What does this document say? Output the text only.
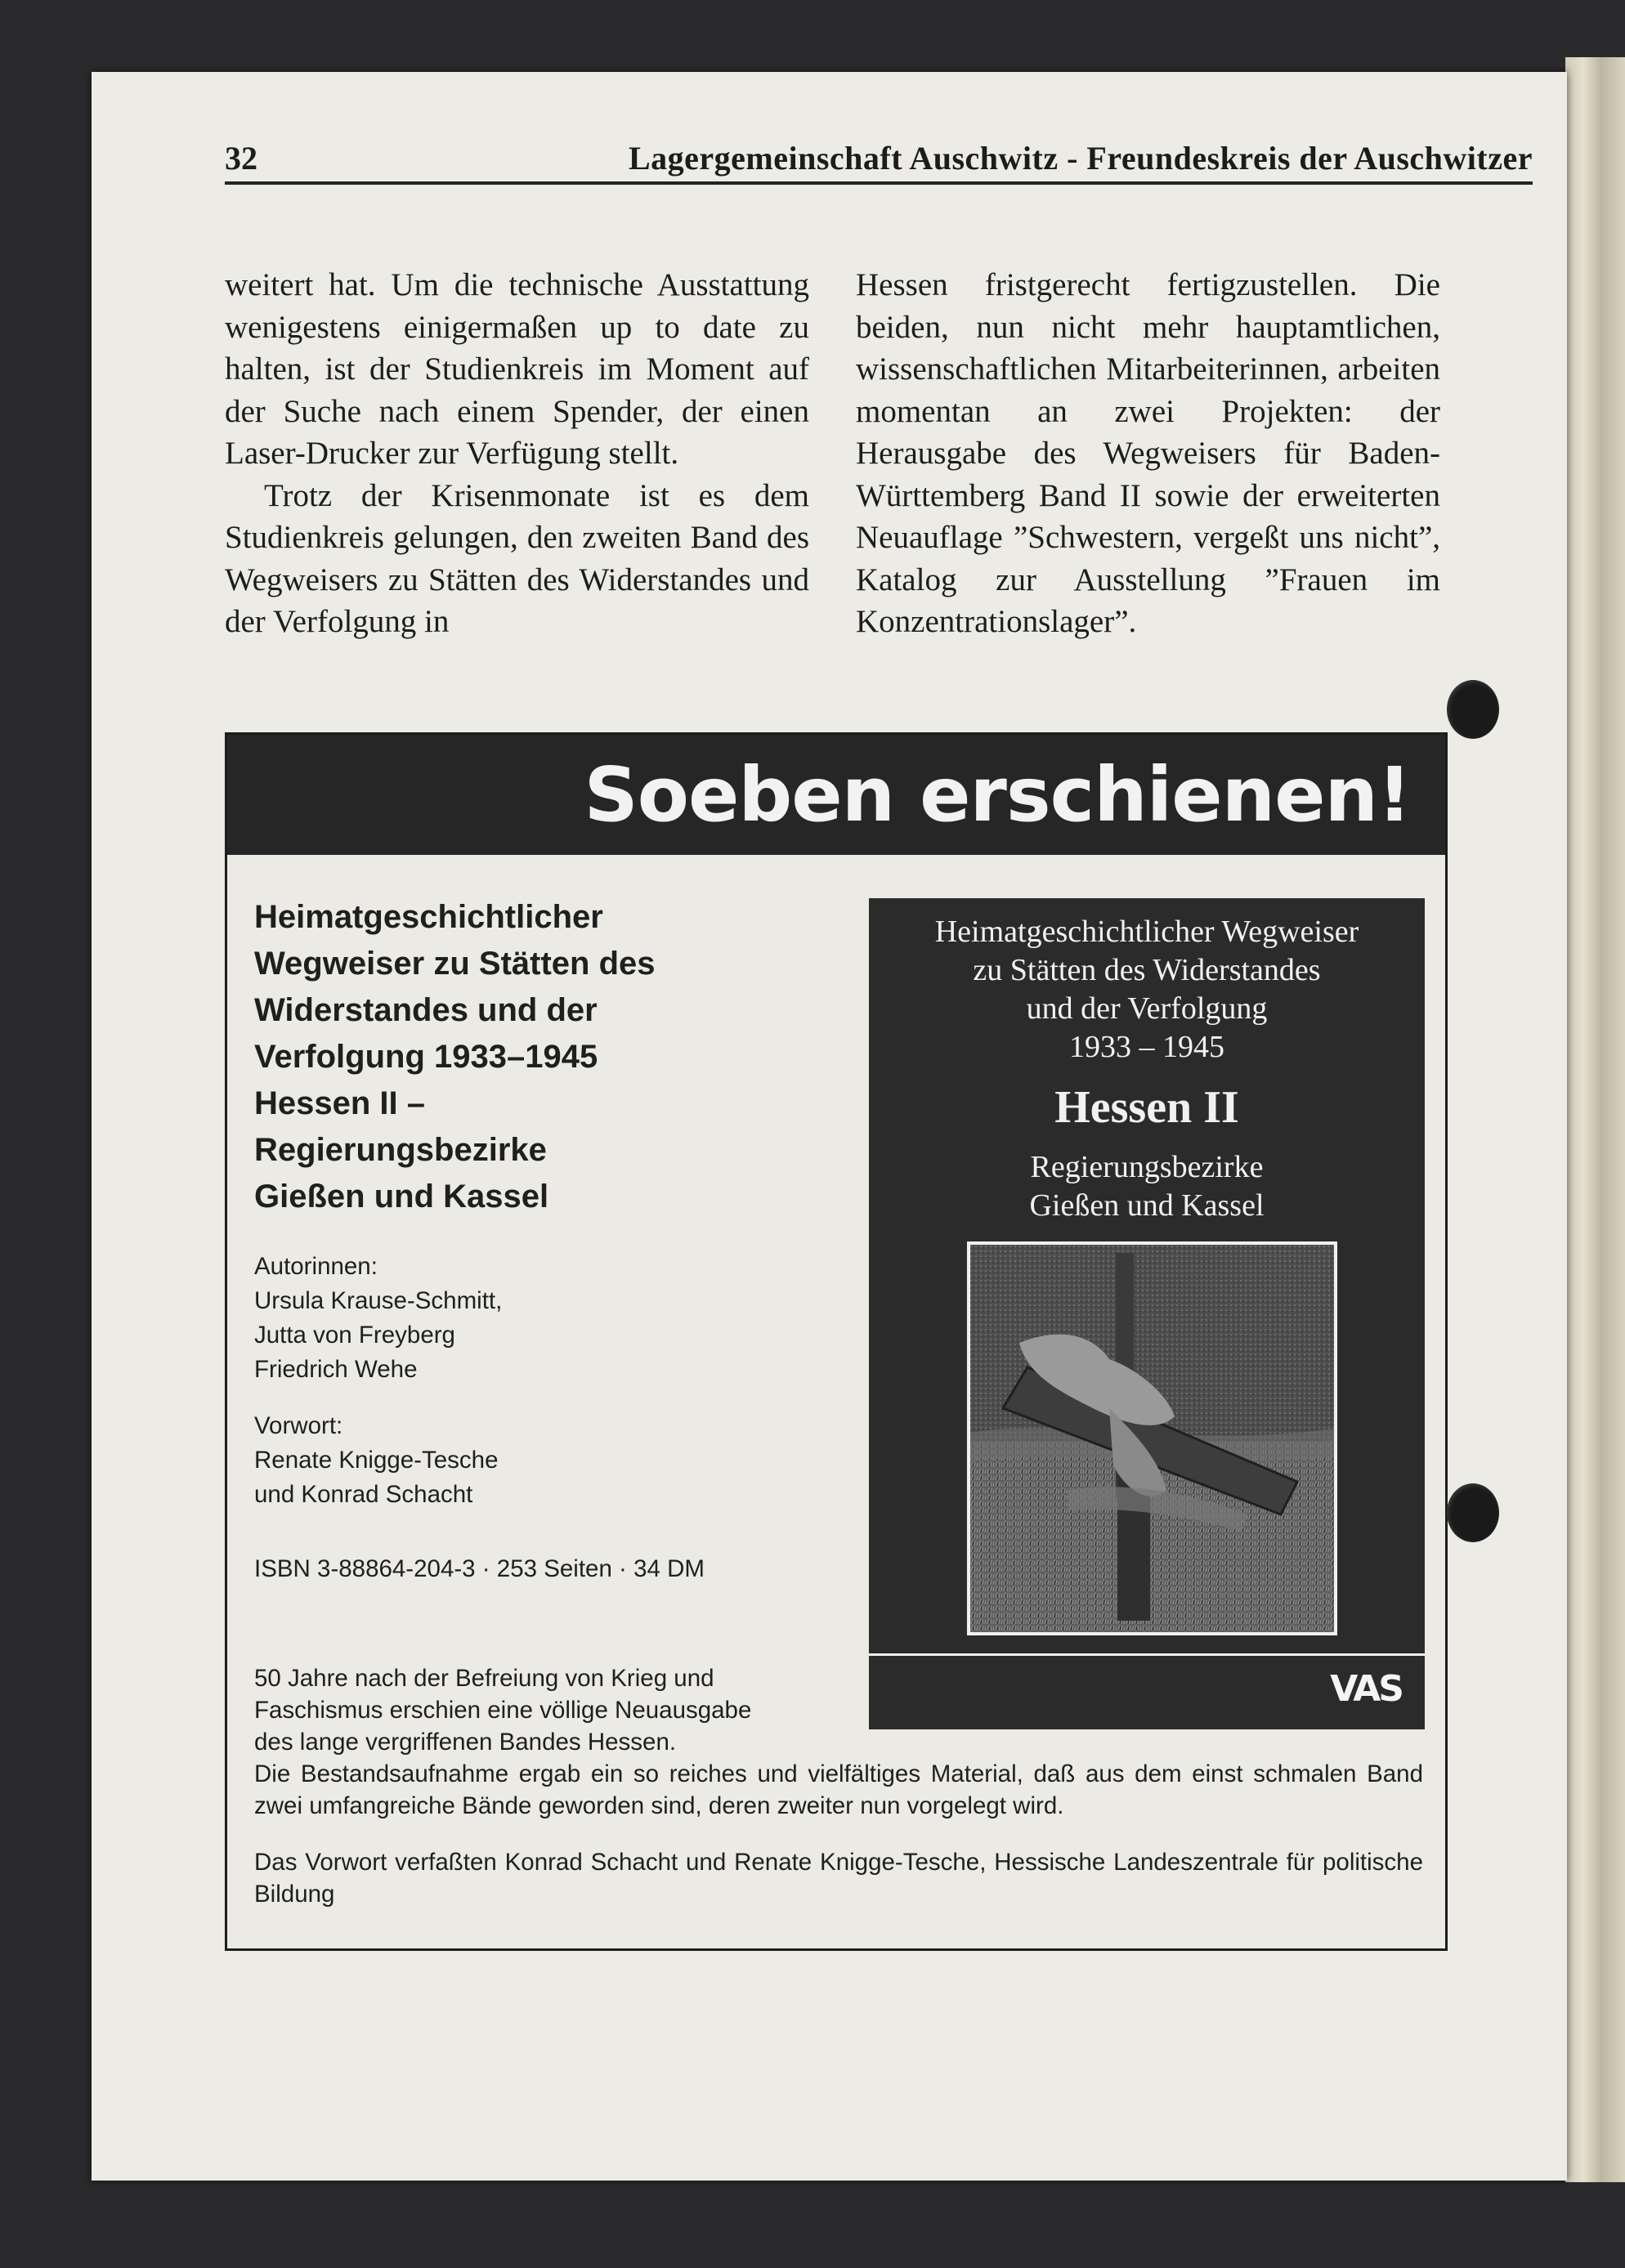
32	Lagergemeinschaft Auschwitz - Freundeskreis der Auschwitzer

weitert hat. Um die technische Ausstattung wenigestens einigermaßen up to date zu halten, ist der Studienkreis im Moment auf der Suche nach einem Spender, der einen Laser-Drucker zur Verfügung stellt.

Trotz der Krisenmonate ist es dem Studienkreis gelungen, den zweiten Band des Wegweisers zu Stätten des Widerstandes und der Verfolgung in

Hessen fristgerecht fertigzustellen. Die beiden, nun nicht mehr hauptamtlichen, wissenschaftlichen Mitarbeiterinnen, arbeiten momentan an zwei Projekten: der Herausgabe des Wegweisers für Baden-Württemberg Band II sowie der erweiterten Neuauflage ”Schwestern, vergeßt uns nicht”, Katalog zur Ausstellung ”Frauen im Konzentrationslager”.

Soeben erschienen!
Heimatgeschichtlicher
Wegweiser zu Stätten des
Widerstandes und der
Verfolgung 1933–1945
Hessen II –
Regierungsbezirke
Gießen und Kassel
Autorinnen:
Ursula Krause-Schmitt,
Jutta von Freyberg
Friedrich Wehe
Vorwort:
Renate Knigge-Tesche
und Konrad Schacht
ISBN 3-88864-204-3 · 253 Seiten · 34 DM
50 Jahre nach der Befreiung von Krieg und
Faschismus erschien eine völlige Neuausgabe
des lange vergriffenen Bandes Hessen.
Die Bestandsaufnahme ergab ein so reiches und vielfältiges Material, daß aus dem einst schmalen Band zwei umfangreiche Bände geworden sind, deren zweiter nun vorgelegt wird.
Das Vorwort verfaßten Konrad Schacht und Renate Knigge-Tesche, Hessische Landeszentrale für politische Bildung
Heimatgeschichtlicher Wegweiser
zu Stätten des Widerstandes
und der Verfolgung
1933 – 1945
Hessen II
Regierungsbezirke
Gießen und Kassel
VAS
